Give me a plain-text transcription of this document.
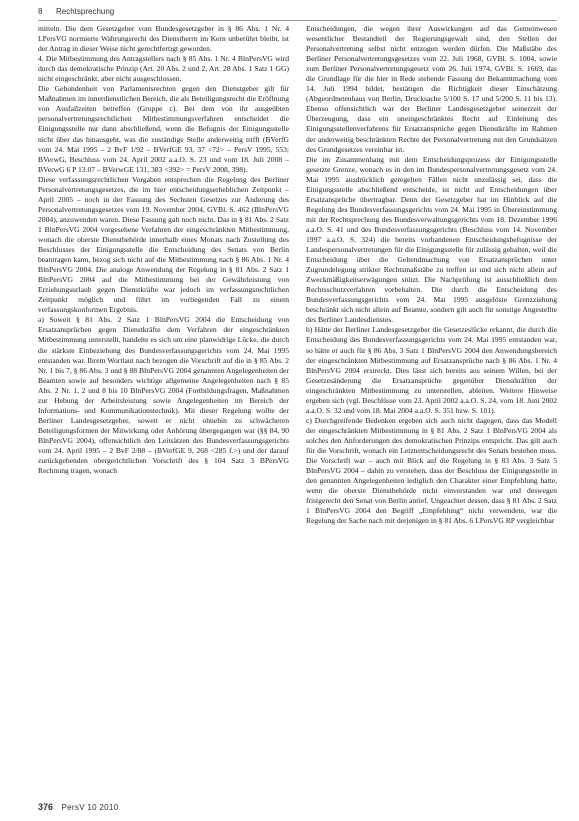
8 Rechtsprechung

mitteln. Die dem Gesetzgeber vom Bundesgesetzgeber in § 86 Abs. 1 Nr. 4 LPersVG normierte Wahrungsrecht des Dienstherrn im Kern unberührt bleibt, ist der Antrag in dieser Weise nicht gerechtfertigt geworden.

4. Die Mitbestimmung des Antragstellers nach § 85 Abs. 1 Nr. 4 BlnPersVG wird durch das demokratische Prinzip (Art. 20 Abs. 2 und 2, Art. 28 Abs. 1 Satz 1 GG) nicht eingeschränkt, aber nicht ausgeschlossen.

Die Gebundenheit von Parlamentsrechten gegen den Dienstgeber gilt für Maßnahmen im innerdienstlichen Bereich, die als Beteiligungsrecht die Eröffnung von Ausfallzeiten betreffen (Gruppe c). Bei dem von ihr ausgeübten personalvertretungsrechtlichen Mitbestimmungsverfahren entscheidet die Einigungsstelle nur dann abschließend, wenn die Befugnis der Einigungsstelle nicht über das hinausgeht, was die zuständige Stelle anderweitig trifft (BVerfG vom 24. Mai 1995 – 2 BvF 1/92 – BVerfGE 93, 37 <72> – PersV 1995, 553; BVerwG, Beschluss vom 24. April 2002 a.a.O. S. 23 und vom 18. Juli 2008 – BVerwG 6 P 13.07 – BVerwGE 131, 383 <392> = PersV 2008, 398).

Diese verfassungsrechtlichen Vorgaben entsprechen die Regelung des Berliner Personalvertretungsgesetzes, die im hier entscheidungserheblichen Zeitpunkt – April 2005 – noch in der Fassung des Sechsten Gesetzes zur Änderung des Personalvertretungsgesetzes vom 19. November 2004, GVBl. S. 462 (BlnPersVG 2004), anzuwenden waren. Diese Fassung galt noch nicht. Das in § 81 Abs. 2 Satz 1 BlnPersVG 2004 vorgesehene Verfahren der eingeschränkten Mitbestimmung, wonach die oberste Dienstbehörde innerhalb eines Monats nach Zustellung des Beschlusses der Einigungsstelle die Entscheidung des Senats von Berlin beantragen kann, bezog sich nicht auf die Mitbestimmung nach § 86 Abs. 1 Nr. 4 BlnPersVG 2004. Die analoge Anwendung der Regelung in § 81 Abs. 2 Satz 1 BlnPersVG 2004 auf die Mitbestimmung bei der Gewährleistung von Erziehungsurlaub gegen Dienstkräfte war jedoch im verfassungsrechtlichen Zeitpunkt möglich und führt im vorliegenden Fall zu einem verfassungskonformen Ergebnis.

a) Soweit § 81 Abs. 2 Satz 1 BlnPersVG 2004 die Entscheidung von Ersatzansprüchen gegen Dienstkräfte dem Verfahren der eingeschränkten Mitbestimmung unterstellt, handelte es sich um eine planwidrige Lücke, die durch die stärkste Einbeziehung des Bundesverfassungsgerichts vom 24. Mai 1995 entstanden war. Ihrem Wortlaut nach bezogen die Vorschrift auf die in § 85 Abs. 2 Nr. 1 bis 7, § 86 Abs. 3 und § 88 BlnPersVG 2004 genannten Angelegenheiten der Beamten sowie auf besonders wichtige allgemeine Angelegenheiten nach § 85 Abs. 2 Nr. 1, 2 und 8 bis 10 BlnPersVG 2004 (Fortbildungsfragen, Maßnahmen zur Hebung der Arbeitsleistung sowie Angelegenheiten im Bereich der Informations- und Kommunikationstechnik). Mit dieser Regelung wollte der Berliner Landesgesetzgeber, soweit er nicht ohnehin zu schwächeren Beteiligungsformen der Mitwirkung oder Anhörung übergegangen war (§§ 84, 90 BlnPersVG 2004), offensichtlich den Leitsätzen des Bundesverfassungsgerichts vom 24. April 1995 – 2 BvF 2/88 – (BVerfGE 9, 268 <285 f.>) und der darauf zurückgehenden obergerichtlichen Vorschrift des § 104 Satz 3 BPersVG Rechnung tragen, wonach

Entscheidungen, die wegen ihrer Auswirkungen auf das Gemeinwesen wesentlicher Bestandteil der Regierungsgewalt sind, den Stellen der Personalvertretung selbst nicht entzogen werden dürfen. Die Maßstäbe des Berliner Personalvertretungsgesetzes vom 22. Juli 1968, GVBl. S. 1004, sowie zum Berliner Personalvertretungsgesetz vom 26. Juli 1974, GVBl. S. 1669, das die Grundlage für die hier in Rede stehende Fassung der Bekanntmachung vom 14. Juli 1994 bildet, bestätigen die Richtigkeit dieser Einschätzung (Abgeordnetenhaus von Berlin, Drucksache 5/100 S. 17 und 5/200 S. 11 bis 13). Ebenso offensichtlich war der Berliner Landesgesetzgeber seinerzeit der Überzeugung, dass ein uneingeschränktes Recht auf Einleitung des Einigungsstellenverfahrens für Ersatzansprüche gegen Dienstkräfte im Rahmen der anderweitig beschränkten Rechte der Personalvertretung mit den Grundsätzen des Grundgesetzes vereinbar ist.

Die im Zusammenhang mit dem Entscheidungsprozess der Einigungsstelle gesetzte Grenze, wonach es in den im Bundespersonalvertretungsgesetz vom 24. Mai 1995 ausdrücklich geregelten Fällen nicht unzulässig sei, dass die Einigungsstelle abschließend entscheide, ist nicht auf Entscheidungen über Ersatzansprüche übertragbar. Denn der Gesetzgeber hat im Hinblick auf die Regelung des Bundesverfassungsgerichts vom 24. Mai 1995 in Übereinstimmung mit der Rechtsprechung des Bundesverwaltungsgerichts vom 18. Dezember 1996 a.a.O. S. 41 und des Bundesverfassungsgerichts (Beschluss vom 14. November 1997 a.a.O. S. 324) die bereits vorhandenen Entscheidungsbefugnisse der Landespersonalvertretungen für die Einigungsstelle für zulässig gehalten, weil die Entscheidung über die Geltendmachung von Ersatzansprüchen unter Zugrundelegung strikter Rechtsmaßstäbe zu treffen ist und sich nicht allein auf Zweckmäßigkeitserwägungen stützt. Die Nachprüfung ist ausschließlich dem Rechtsschutzverfahren vorbehalten. Die durch die Entscheidung des Bundesverfassungsgerichts vom 24. Mai 1995 ausgelöste Grenzziehung beschränkt sich nicht allein auf Beamte, sondern gilt auch für sonstige Angestellte des Berliner Landesdienstes.

b) Hätte der Berliner Landesgesetzgeber die Gesetzeslücke erkannt, die durch die Entscheidung des Bundesverfassungsgerichts vom 24. Mai 1995 entstanden war, so hätte er auch für § 86 Abs. 3 Satz 1 BlnPersVG 2004 den Anwendungsbereich der eingeschränkten Mitbestimmung auf Ersatzansprüche nach § 86 Abs. 1 Nr. 4 BlnPersVG 2004 erstreckt. Dies lässt sich bereits aus seinem Willen, bei der Gesetzesänderung die Ersatzansprüche gegenüber Dienstkräften der eingeschränkten Mitbestimmung zu unterstellen, ableiten. Weitere Hinweise ergeben sich (vgl. Beschlüsse vom 23. April 2002 a.a.O. S. 24, vom 18. Juni 2002 a.a.O. S. 32 und vom 18. Mai 2004 a.a.O. S. 351 bzw. S. 101).

c) Durchgreifende Bedenken ergeben sich auch nicht dagegen, dass das Modell der eingeschränkten Mitbestimmung in § 81 Abs. 2 Satz 1 BlnPersVG 2004 als solches den Anforderungen des demokratischen Prinzips entspricht. Das gilt auch für die Vorschrift, wonach ein Letztentscheidungsrecht des Senats bestehen muss. Die Vorschrift war – auch mit Blick auf die Regelung in § 83 Abs. 3 Satz 5 BlnPersVG 2004 – dahin zu verstehen, dass der Beschluss der Einigungsstelle in den genannten Angelegenheiten lediglich den Charakter einer Empfehlung hatte, wenn die oberste Dienstbehörde nicht einverstanden war und deswegen fristgerecht den Senat von Berlin anrief. Ungeachtet dessen, dass § 81 Abs. 2 Satz 1 BlnPersVG 2004 den Begriff „Empfehlung“ nicht verwendete, war die Regelung der Sache nach mit derjenigen in § 81 Abs. 6 LPersVG RP vergleichbar

376 PersV 10 2010
